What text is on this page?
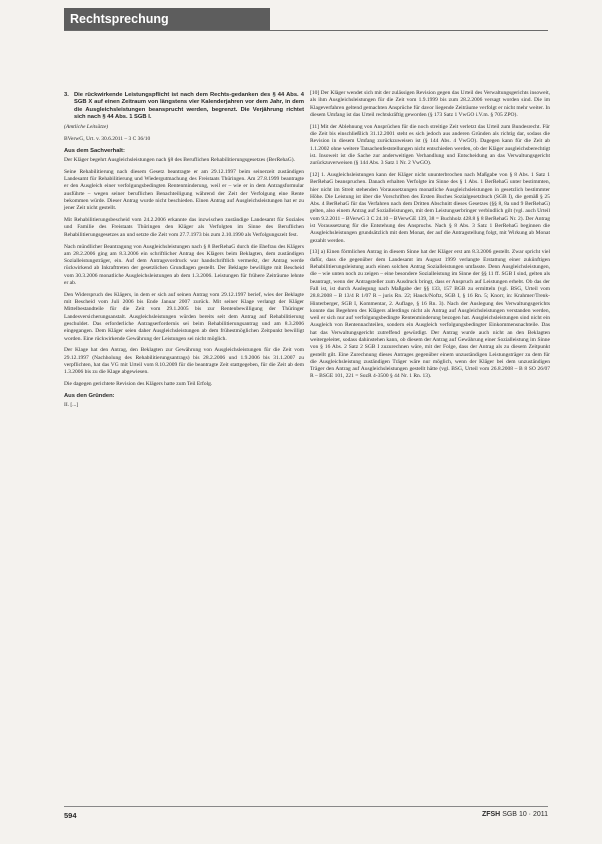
Rechtsprechung
3. Die rückwirkende Leistungspflicht ist nach dem Rechts-gedanken des § 44 Abs. 4 SGB X auf einen Zeitraum von längstens vier Kalenderjahren vor dem Jahr, in dem die Ausgleichsleistungen beansprucht werden, begrenzt. Die Verjährung richtet sich nach § 44 Abs. 1 SGB I.

(Amtliche Leitsätze)

BVerwG, Urt. v. 30.6.2011 – 3 C 36/10

Aus dem Sachverhalt:

Der Kläger begehrt Ausgleichsleistungen nach §8 des Beruflichen Rehabilitierungsgesetzes (BerRehaG).

Seine Rehabilitierung nach diesem Gesetz beantragte er am 29.12.1997 beim seinerzeit zuständigen Landesamt für Rehabilitierung und Wiedergutmachung des Freistaats Thüringen. Am 27.8.1999 beantragte er den Ausgleich einer verfolgungsbedingten Rentenminderung, weil er – wie er in dem Antragsformular ausführte – wegen seiner beruflichen Benachteiligung während der Zeit der Verfolgung eine Rente bekommen würde. Dieser Antrag wurde nicht beschieden. Einen Antrag auf Ausgleichsleistungen hat er zu jener Zeit nicht gestellt.

Mit Rehabilitierungsbescheid vom 24.2.2006 erkannte das inzwischen zuständige Landesamt für Soziales und Familie des Freistaats Thüringen den Kläger als Verfolgten im Sinne des Beruflichen Rehabilitierungsgesetzes an und setzte die Zeit vom 27.7.1973 bis zum 2.10.1990 als Verfolgungszeit fest.

Nach mündlicher Beantragung von Ausgleichsleistungen nach § 8 BerRehaG durch die Ehefrau des Klägers am 28.2.2006 ging am 8.3.2006 ein schriftlicher Antrag des Klägers beim Beklagten, dem zuständigen Sozialleistungsträger, ein. Auf dem Antragsvordruck war handschriftlich vermerkt, der Antrag werde rückwirkend ab Inkrafttreten der gesetzlichen Grundlagen gestellt. Der Beklagte bewilligte mit Bescheid vom 30.3.2006 monatliche Ausgleichsleistungen ab dem 1.3.2006. Leistungen für frühere Zeiträume lehnte er ab.

Den Widerspruch des Klägers, in dem er sich auf seinen Antrag vom 29.12.1997 berief, wies der Beklagte mit Bescheid vom Juli 2006 bis Ende Januar 2007 zurück. Mit seiner Klage verlangt der Kläger Mittelbestandteile für die Zeit vom 29.1.2005 bis zur Rentenbewilligung der Thüringer Landesversicherungsanstalt. Ausgleichsleistungen würden bereits seit dem Antrag auf Rehabilitierung geschuldet. Das erforderliche Antragserfordernis sei beim Rehabilitierungsantrag und am 8.3.2006 eingegangen. Dem Kläger seien daher Ausgleichsleistungen ab dem frühestmöglichen Zeitpunkt bewilligt worden. Eine rückwirkende Gewährung der Leistungen sei nicht möglich.

Der Klage hat den Antrag, den Beklagten zur Gewährung von Ausgleichsleistungen für die Zeit vom 29.12.1997 (Nachholung des Rehabilitierungsantrags) bis 28.2.2006 und 1.9.2006 bis 31.1.2007 zu verpflichten, hat das VG mit Urteil vom 8.10.2009 für die beantragte Zeit stattgegeben, für die Zeit ab dem 1.3.2006 bis zu die Klage abgewiesen.

Die dagegen gerichtete Revision des Klägers hatte zum Teil Erfolg.

Aus den Gründen:

II. [...]

[10] Der Kläger wendet sich mit der zulässigen Revision gegen das Urteil des Verwaltungsgerichts insoweit, als ihm Ausgleichsleistungen für die Zeit vom 1.9.1999 bis zum 28.2.2006 versagt worden sind. Die im Klageverfahren geltend gemachten Ansprüche für davor liegende Zeiträume verfolgt er nicht mehr weiter. In diesem Umfang ist das Urteil rechtskräftig geworden (§ 173 Satz 1 VwGO i.V.m. § 705 ZPO).

[11] Mit der Ablehnung von Ansprüchen für die noch streitige Zeit verletzt das Urteil zum Bundesrecht. Für die Zeit bis einschließlich 31.12.2001 steht es sich jedoch aus anderen Gründen als richtig dar, sodass die Revision in diesem Umfang zurückzuweisen ist (§ 144 Abs. 4 VwGO). Dagegen kann für die Zeit ab 1.1.2002 ohne weitere Tatsachenfeststellungen nicht entschieden werden, ob der Kläger ausgleichsberechtigt ist. Insoweit ist die Sache zur anderweitigen Verhandlung und Entscheidung an das Verwaltungsgericht zurückzuverweisen (§ 144 Abs. 3 Satz 1 Nr. 2 VwGO).

[12] 1. Ausgleichsleistungen kann der Kläger nicht ununterbrochen nach Maßgabe von § 8 Abs. 1 Satz 1 BerRehaG beanspruchen. Danach erhalten Verfolgte im Sinne des § 1 Abs. 1 BerRehaG unter bestimmten, hier nicht im Streit stehenden Voraussetzungen monatliche Ausgleichsleistungen in gesetzlich bestimmter Höhe. Die Leistung ist über die Vorschriften des Ersten Buches Sozialgesetzbuch (SGB I), die gemäß § 25 Abs. 4 BerRehaG für das Verfahren nach dem Dritten Abschnitt dieses Gesetzes (§§ 8, 8a und 9 BerRehaG) gelten, also einem Antrag auf Sozialleistungen, mit dem Leistungserbringer verbindlich gilt (vgl. auch Urteil vom 9.2.2011 – BVerwG 3 C 24.10 – BVerwGE 139, 38 = Buchholz 428.8 § 8 BerRehaG Nr. 2). Der Antrag ist Voraussetzung für die Entstehung des Anspruchs. Nach § 8 Abs. 3 Satz 1 BerRehaG beginnen die Ausgleichsleistungen grundsätzlich mit dem Monat, der auf die Antragstellung folgt, mit Wirkung ab Monat gezahlt werden.

[13] a) Einen förmlichen Antrag in diesem Sinne hat der Kläger erst am 8.3.2006 gestellt. Zwar spricht viel dafür, dass die gegenüber dem Landesamt im August 1999 verlangte Erstattung einer zukünftigen Rehabilitierungsleistung auch einen solchen Antrag Sozialleistungen umfasste. Denn Ausgleichsleistungen, die – wie unten noch zu zeigen – eine besondere Sozialleistung im Sinne der §§ 11 ff. SGB I sind, gelten als beantragt, wenn der Antragsteller zum Ausdruck bringt, dass er Anspruch auf Leistungen erhebt. Ob das der Fall ist, ist durch Auslegung nach Maßgabe der §§ 133, 157 BGB zu ermitteln (vgl. BSG, Urteil vom 28.8.2008 – B 13/4 R 1/07 R – juris Rn. 22; Hauck/Noftz, SGB I, § 16 Rn. 5; Knorr, in: Krahmer/Trenk-Hinterberger, SGB I, Kommentar, 2. Auflage, § 16 Rn. 3). Nach der Auslegung des Verwaltungsgerichts konnte das Begehren des Klägers allerdings nicht als Antrag auf Ausgleichsleistungen verstanden werden, weil er sich nur auf verfolgungsbedingte Rentenminderung bezogen hat. Ausgleichsleistungen sind nicht ein Ausgleich von Rentennachteilen, sondern ein Ausgleich verfolgungsbedingter Einkommensnachteile. Das hat das Verwaltungsgericht zutreffend gewürdigt. Der Antrag wurde auch nicht an den Beklagten weitergeleitet, sodass dahinstehen kann, ob diesem der Antrag auf Gewährung einer Sozialleistung im Sinne von § 16 Abs. 2 Satz 2 SGB I zuzurechnen wäre, mit der Folge, dass der Antrag als zu diesem Zeitpunkt gestellt gilt. Eine Zurechnung dieses Antrages gegenüber einem unzuständigen Leistungsträger zu dem für die Ausgleichsleistung zuständigen Träger wäre nur möglich, wenn der Kläger bei dem unzuständigen Träger den Antrag auf Ausgleichsleistungen gestellt hätte (vgl. BSG, Urteil vom 26.8.2008 – B 8 SO 26/07 R – BSGE 101, 221 = SozR 4-3500 § 44 Nr. 1 Rn. 13).

594	ZFSH SGB 10 · 2011
